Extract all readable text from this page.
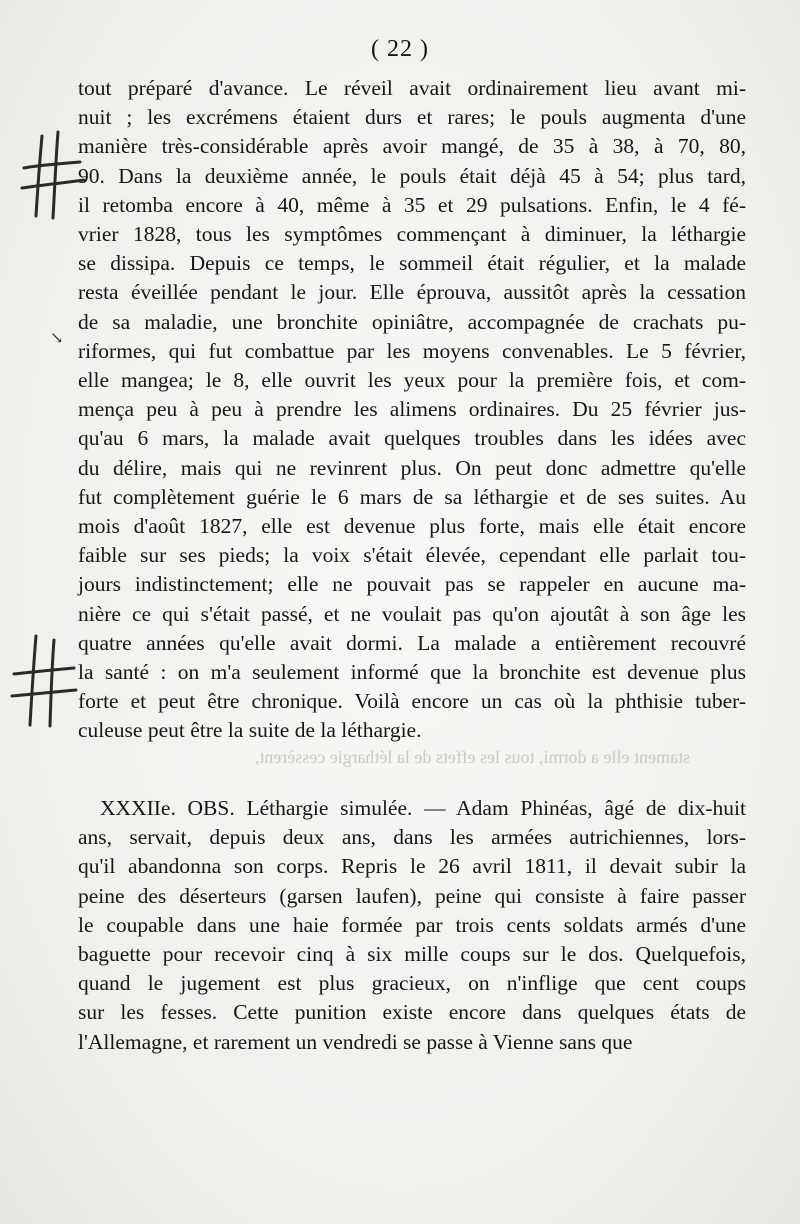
( 22 )
tout préparé d'avance. Le réveil avait ordinairement lieu avant mi-
nuit ; les excrémens étaient durs et rares; le pouls augmenta d'une
manière très-considérable après avoir mangé, de 35 à 38, à 70, 80,
90. Dans la deuxième année, le pouls était déjà 45 à 54; plus tard,
il retomba encore à 40, même à 35 et 29 pulsations. Enfin, le 4 fé-
vrier 1828, tous les symptômes commençant à diminuer, la léthargie
se dissipa. Depuis ce temps, le sommeil était régulier, et la malade
resta éveillée pendant le jour. Elle éprouva, aussitôt après la cessation
de sa maladie, une bronchite opiniâtre, accompagnée de crachats pu-
riformes, qui fut combattue par les moyens convenables. Le 5 février,
elle mangea; le 8, elle ouvrit les yeux pour la première fois, et com-
mença peu à peu à prendre les alimens ordinaires. Du 25 février jus-
qu'au 6 mars, la malade avait quelques troubles dans les idées avec
du délire, mais qui ne revinrent plus. On peut donc admettre qu'elle
fut complètement guérie le 6 mars de sa léthargie et de ses suites. Au
mois d'août 1827, elle est devenue plus forte, mais elle était encore
faible sur ses pieds; la voix s'était élevée, cependant elle parlait tou-
jours indistinctement; elle ne pouvait pas se rappeler en aucune ma-
nière ce qui s'était passé, et ne voulait pas qu'on ajoutât à son âge les
quatre années qu'elle avait dormi. La malade a entièrement recouvré
la santé : on m'a seulement informé que la bronchite est devenue plus
forte et peut être chronique. Voilà encore un cas où la phthisie tuber-
culeuse peut être la suite de la léthargie.
stament elle a dormi, tous les effets de la léthargie cessèrent,
XXXIIe. OBS. Léthargie simulée. — Adam Phinéas, âgé de dix-huit
ans, servait, depuis deux ans, dans les armées autrichiennes, lors-
qu'il abandonna son corps. Repris le 26 avril 1811, il devait subir la
peine des déserteurs (garsen laufen), peine qui consiste à faire passer
le coupable dans une haie formée par trois cents soldats armés d'une
baguette pour recevoir cinq à six mille coups sur le dos. Quelquefois,
quand le jugement est plus gracieux, on n'inflige que cent coups
sur les fesses. Cette punition existe encore dans quelques états de
l'Allemagne, et rarement un vendredi se passe à Vienne sans que
↘
